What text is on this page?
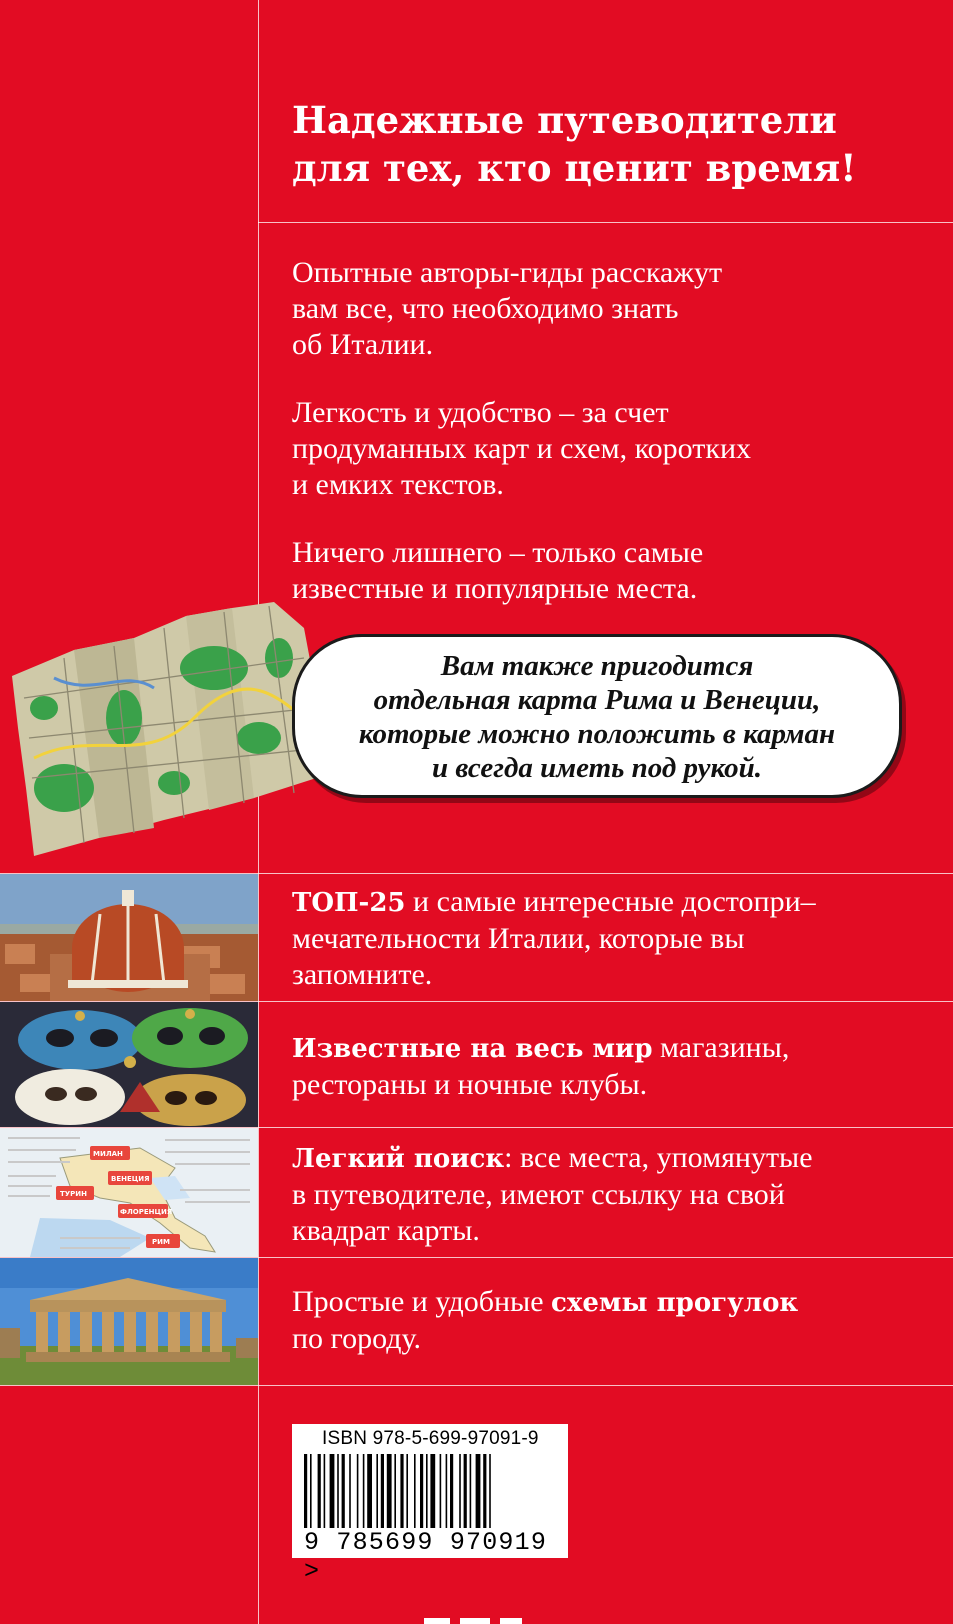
Надежные путеводители
для тех, кто ценит время!

Опытные авторы-гиды расскажут
вам все, что необходимо знать
об Италии.

Легкость и удобство – за счет
продуманных карт и схем, коротких
и емких текстов.

Ничего лишнего – только самые
известные и популярные места.

Вам также пригодится
отдельная карта Рима и Венеции,
которые можно положить в карман
и всегда иметь под рукой.
МИЛАН
ВЕНЕЦИЯ
ТУРИН
ФЛОРЕНЦИЯ
РИМ

ТОП-25 и самые интересные достопри–
мечательности Италии, которые вы
запомните.

Известные на весь мир магазины,
рестораны и ночные клубы.

Легкий поиск: все места, упомянутые
в путеводителе, имеют ссылку на свой
квадрат карты.

Простые и удобные схемы прогулок
по городу.

ISBN 978-5-699-97091-9
9 785699 970919 >
